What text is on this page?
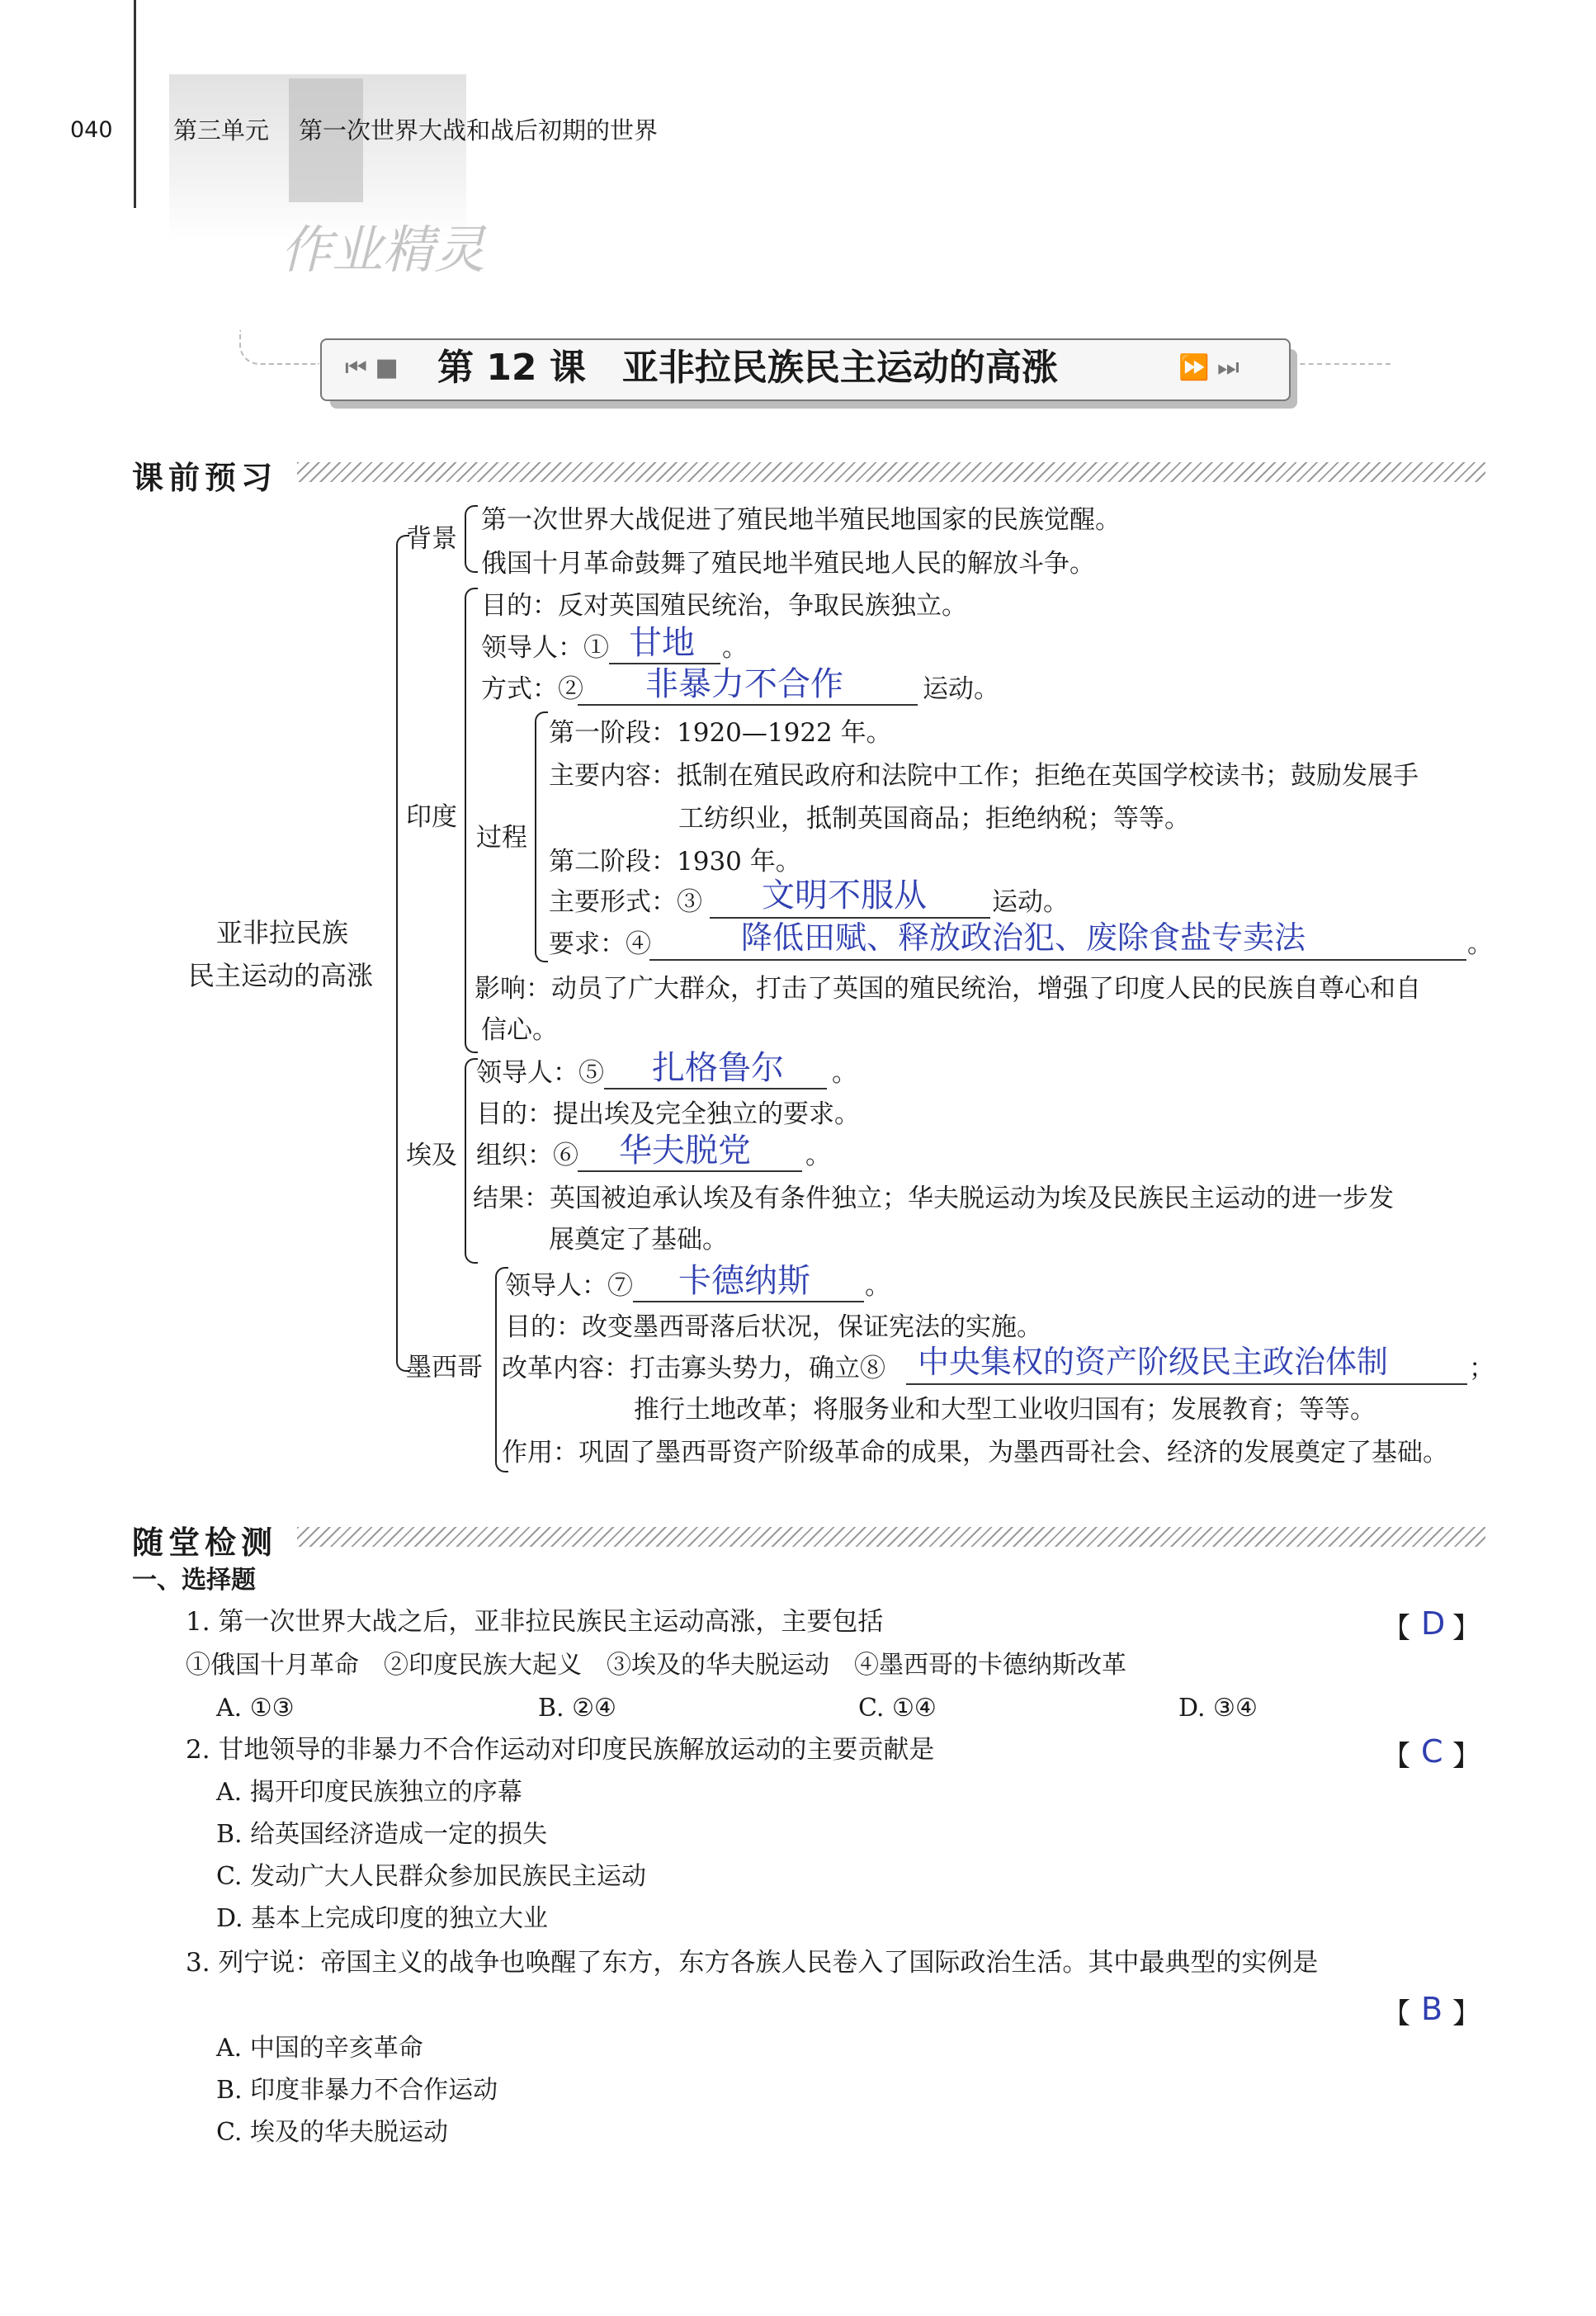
040	第三单元 第一次世界大战和战后初期的世界
作业精灵
⏮ ■ 第 12 课　亚非拉民族民主运动的高涨	⏩ ⏭
课前预习
亚非拉民族
民主运动的高涨
背景
第一次世界大战促进了殖民地半殖民地国家的民族觉醒。
俄国十月革命鼓舞了殖民地半殖民地人民的解放斗争。
印度
目的：反对英国殖民统治，争取民族独立。
领导人：① 甘地 。
方式：② 非暴力不合作	运动。
过程
第一阶段：1920—1922 年。
主要内容：抵制在殖民政府和法院中工作；拒绝在英国学校读书；鼓励发展手
工纺织业，抵制英国商品；拒绝纳税；等等。
第二阶段：1930 年。
主要形式：③ 文明不服从	运动。
要求：④	降低田赋、释放政治犯、废除食盐专卖法	。
影响：动员了广大群众，打击了英国的殖民统治，增强了印度人民的民族自尊心和自
信心。
埃及
领导人：⑤ 扎格鲁尔 。
目的：提出埃及完全独立的要求。
组织：⑥ 华夫脱党 。
结果：英国被迫承认埃及有条件独立；华夫脱运动为埃及民族民主运动的进一步发
展奠定了基础。
墨西哥
领导人：⑦ 卡德纳斯 。
目的：改变墨西哥落后状况，保证宪法的实施。
改革内容：打击寡头势力，确立⑧ 中央集权的资产阶级民主政治体制	；
推行土地改革；将服务业和大型工业收归国有；发展教育；等等。
作用：巩固了墨西哥资产阶级革命的成果，为墨西哥社会、经济的发展奠定了基础。
随堂检测
一、选择题
1. 第一次世界大战之后，亚非拉民族民主运动高涨，主要包括	【 D 】
①俄国十月革命　②印度民族大起义　③埃及的华夫脱运动　④墨西哥的卡德纳斯改革
A. ①③	B. ②④	C. ①④	D. ③④
2. 甘地领导的非暴力不合作运动对印度民族解放运动的主要贡献是	【 C 】
A. 揭开印度民族独立的序幕
B. 给英国经济造成一定的损失
C. 发动广大人民群众参加民族民主运动
D. 基本上完成印度的独立大业
3. 列宁说：帝国主义的战争也唤醒了东方，东方各族人民卷入了国际政治生活。其中最典型的实例是
【 B 】
A. 中国的辛亥革命
B. 印度非暴力不合作运动
C. 埃及的华夫脱运动
